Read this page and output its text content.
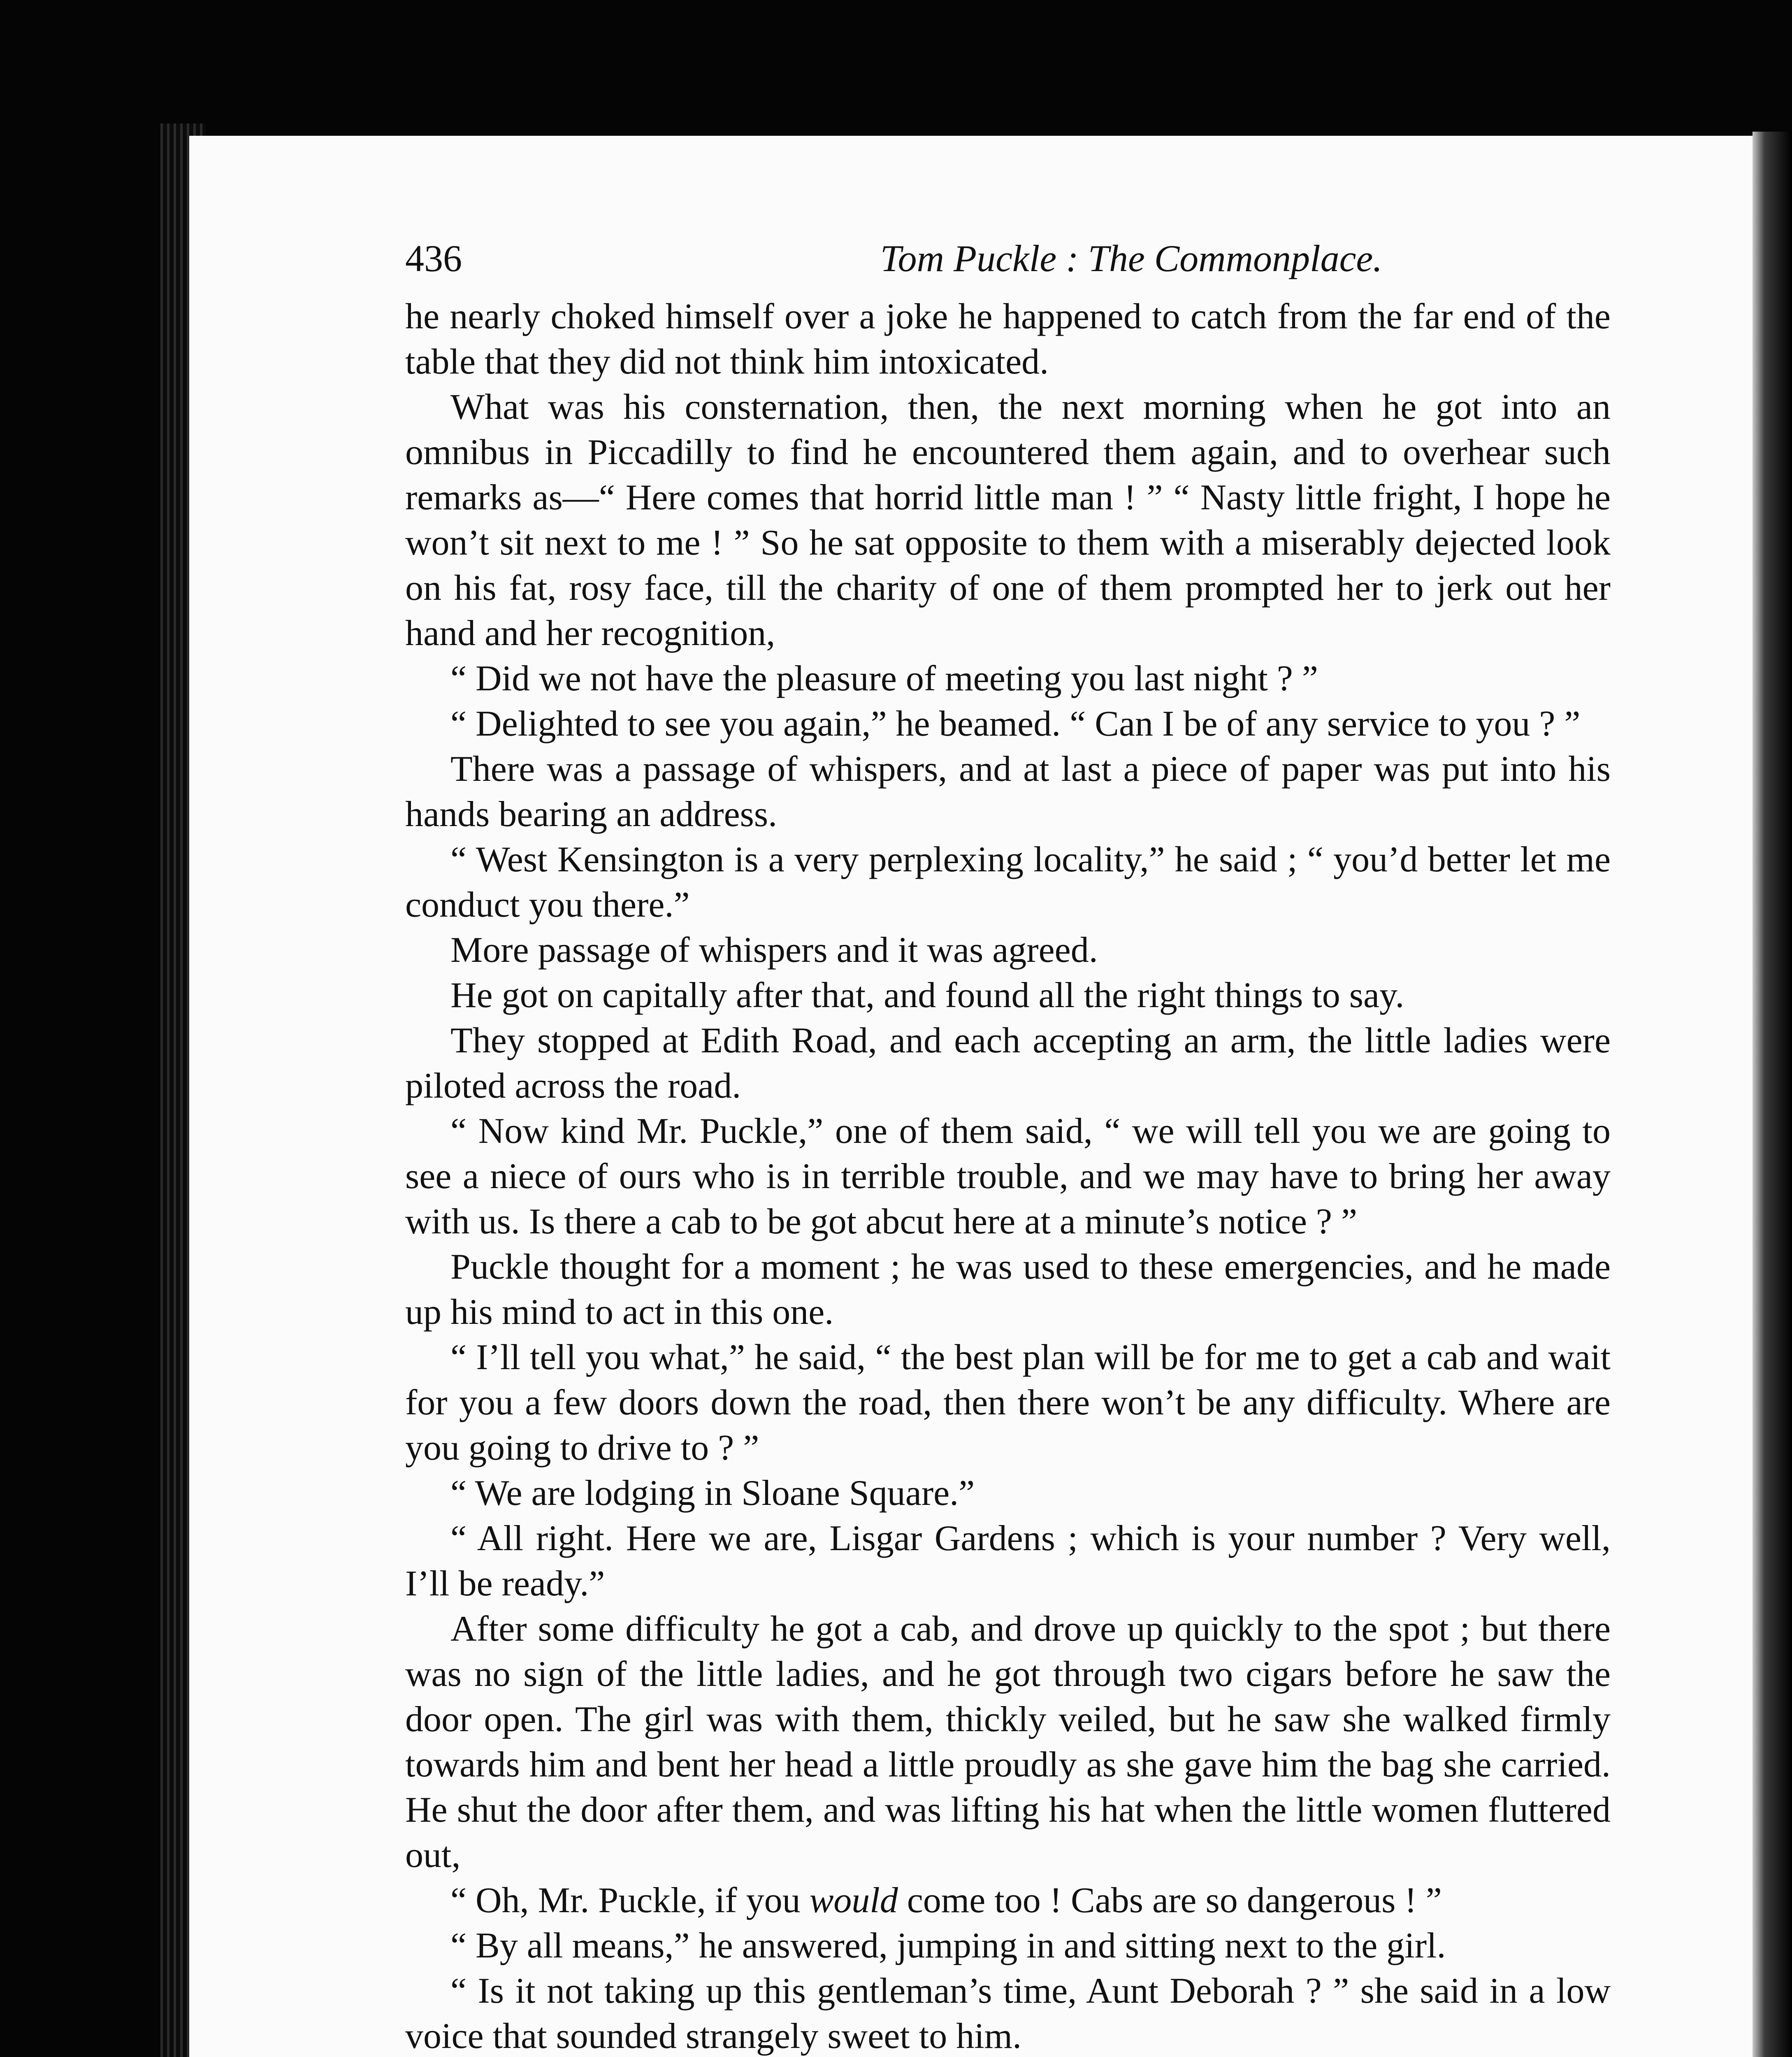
436	Tom Puckle : The Commonplace.

he nearly choked himself over a joke he happened to catch from the far end of the table that they did not think him intoxicated.

What was his consternation, then, the next morning when he got into an omnibus in Piccadilly to find he encountered them again, and to overhear such remarks as—“ Here comes that horrid little man ! ” “ Nasty little fright, I hope he won’t sit next to me ! ” So he sat opposite to them with a miserably dejected look on his fat, rosy face, till the charity of one of them prompted her to jerk out her hand and her recognition,

“ Did we not have the pleasure of meeting you last night ? ”

“ Delighted to see you again,” he beamed. “ Can I be of any service to you ? ”

There was a passage of whispers, and at last a piece of paper was put into his hands bearing an address.

“ West Kensington is a very perplexing locality,” he said ; “ you’d better let me conduct you there.”

More passage of whispers and it was agreed.

He got on capitally after that, and found all the right things to say.

They stopped at Edith Road, and each accepting an arm, the little ladies were piloted across the road.

“ Now kind Mr. Puckle,” one of them said, “ we will tell you we are going to see a niece of ours who is in terrible trouble, and we may have to bring her away with us. Is there a cab to be got abcut here at a minute’s notice ? ”

Puckle thought for a moment ; he was used to these emergencies, and he made up his mind to act in this one.

“ I’ll tell you what,” he said, “ the best plan will be for me to get a cab and wait for you a few doors down the road, then there won’t be any difficulty. Where are you going to drive to ? ”

“ We are lodging in Sloane Square.”

“ All right. Here we are, Lisgar Gardens ; which is your number ? Very well, I’ll be ready.”

After some difficulty he got a cab, and drove up quickly to the spot ; but there was no sign of the little ladies, and he got through two cigars before he saw the door open. The girl was with them, thickly veiled, but he saw she walked firmly towards him and bent her head a little proudly as she gave him the bag she carried. He shut the door after them, and was lifting his hat when the little women fluttered out,

“ Oh, Mr. Puckle, if you would come too ! Cabs are so dangerous ! ”

“ By all means,” he answered, jumping in and sitting next to the girl.

“ Is it not taking up this gentleman’s time, Aunt Deborah ? ” she said in a low voice that sounded strangely sweet to him.
